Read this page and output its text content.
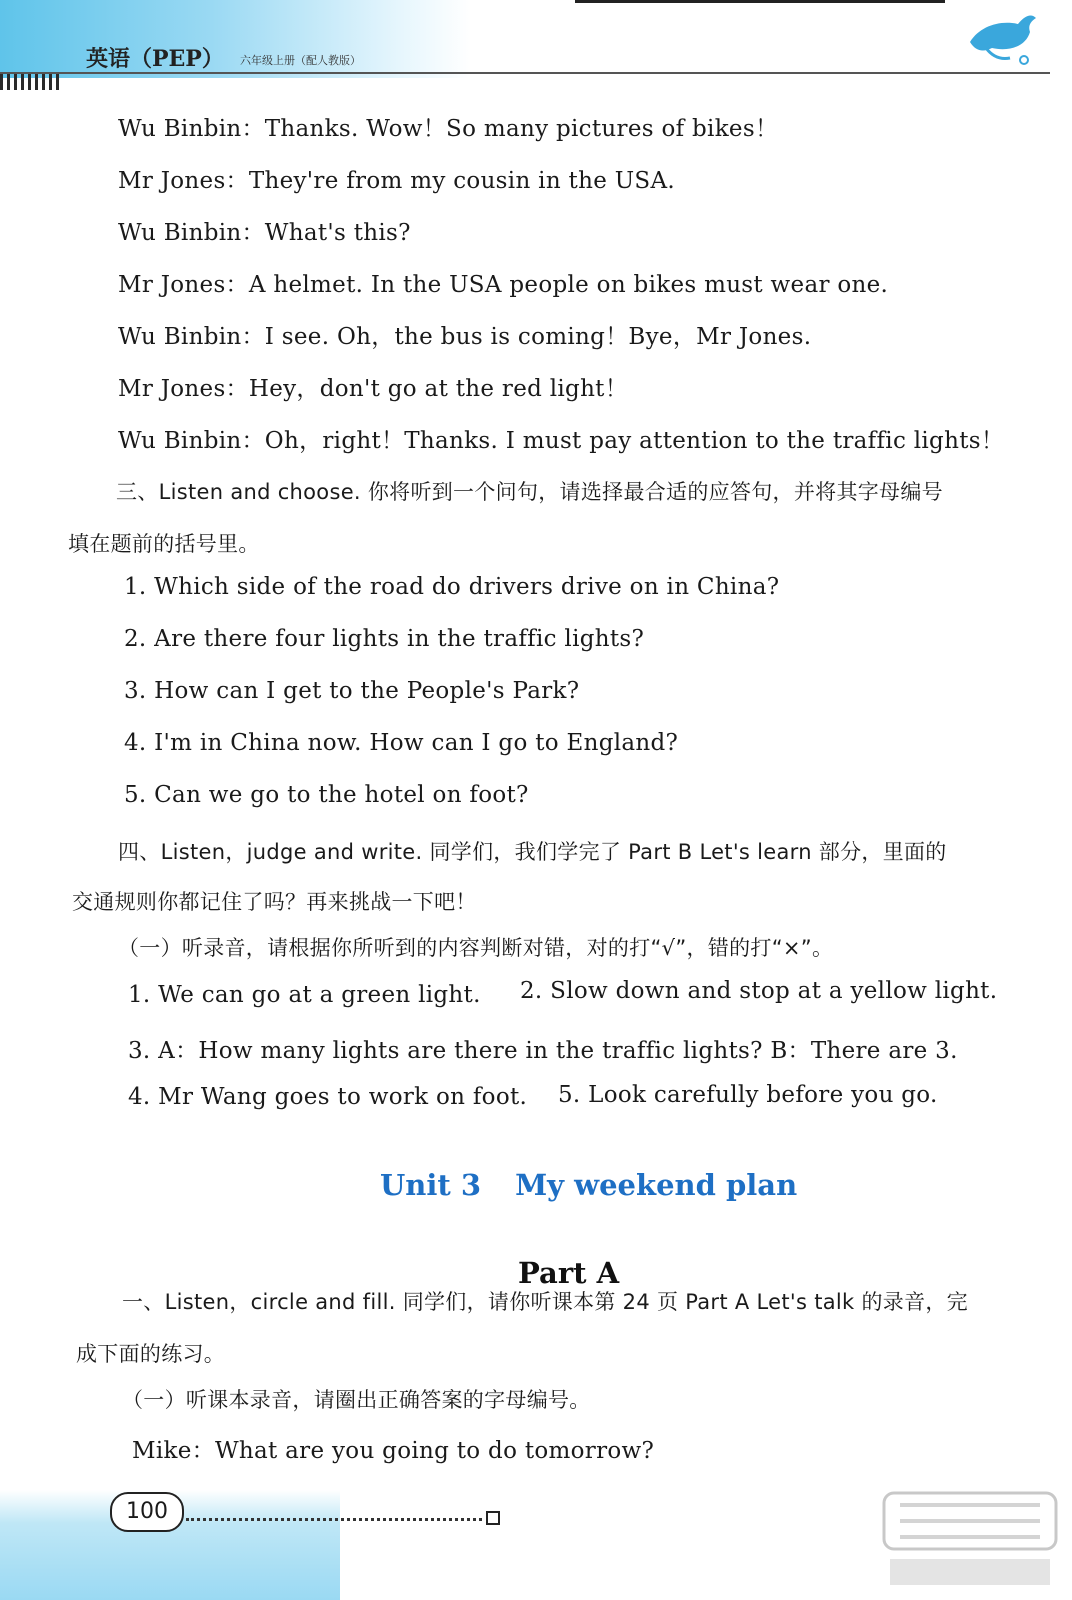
英语（PEP） 六年级上册（配人教版）
Wu Binbin：Thanks. Wow！So many pictures of bikes！
Mr Jones：They're from my cousin in the USA.
Wu Binbin：What's this?
Mr Jones：A helmet. In the USA people on bikes must wear one.
Wu Binbin：I see. Oh，the bus is coming！Bye，Mr Jones.
Mr Jones：Hey，don't go at the red light！
Wu Binbin：Oh，right！Thanks. I must pay attention to the traffic lights！
三、Listen and choose. 你将听到一个问句，请选择最合适的应答句，并将其字母编号
填在题前的括号里。
1. Which side of the road do drivers drive on in China?
2. Are there four lights in the traffic lights?
3. How can I get to the People's Park?
4. I'm in China now. How can I go to England?
5. Can we go to the hotel on foot?
四、Listen，judge and write. 同学们，我们学完了 Part B Let's learn 部分，里面的
交通规则你都记住了吗？再来挑战一下吧！
（一）听录音，请根据你所听到的内容判断对错，对的打“√”，错的打“×”。
1. We can go at a green light. 2. Slow down and stop at a yellow light.
3. A：How many lights are there in the traffic lights? B：There are 3.
4. Mr Wang goes to work on foot. 5. Look carefully before you go.
Unit 3 My weekend plan
Part A
一、Listen，circle and fill. 同学们，请你听课本第 24 页 Part A Let's talk 的录音，完
成下面的练习。
（一）听课本录音，请圈出正确答案的字母编号。
Mike：What are you going to do tomorrow?
100
